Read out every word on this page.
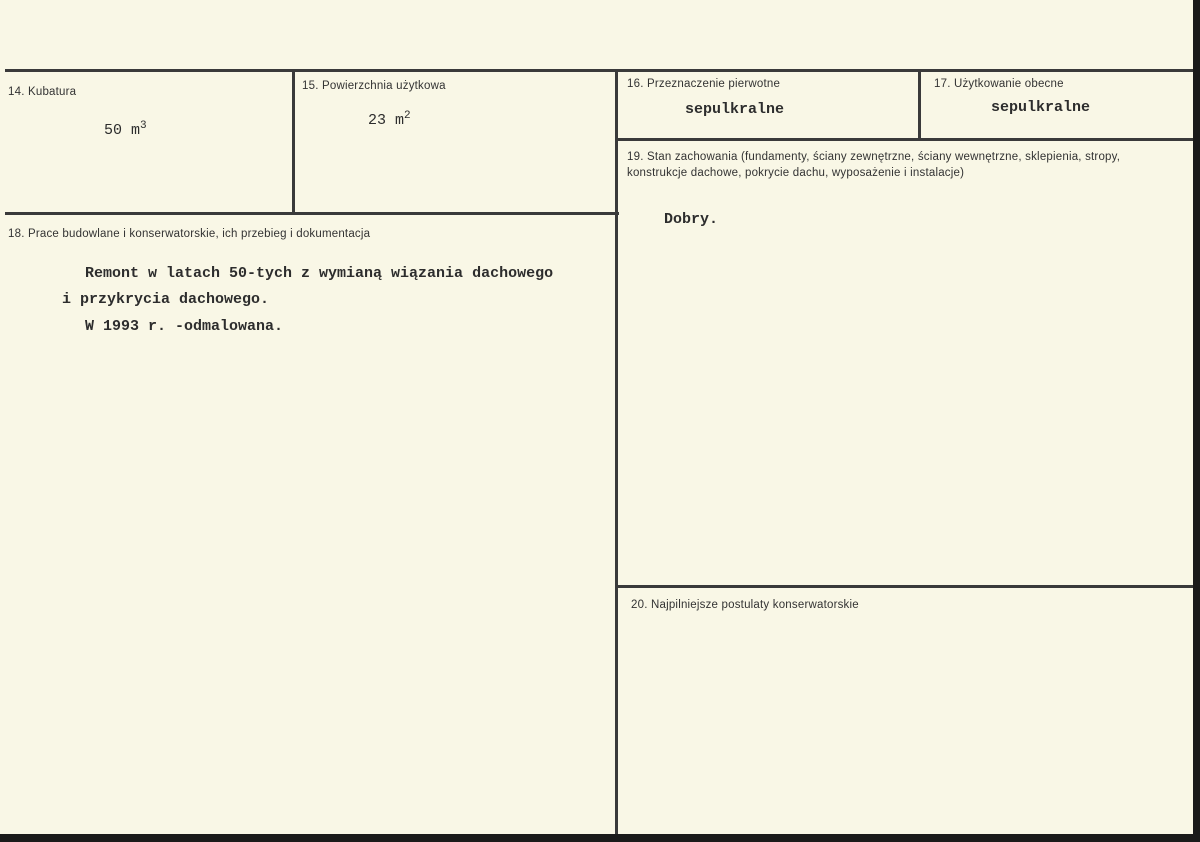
14. Kubatura
50 $m^3$
15. Powierzchnia użytkowa
23 $m^2$
16. Przeznaczenie pierwotne
sepulkralne
17. Użytkowanie obecne
sepulkralne
18. Prace budowlane i konserwatorskie, ich przebieg i dokumentacja
Remont w latach 50-tych z wymianą wiązania dachowego
i przykrycia dachowego.
W 1993 r. -odmalowana.
19. Stan zachowania (fundamenty, ściany zewnętrzne, ściany wewnętrzne, sklepienia, stropy, konstrukcje dachowe, pokrycie dachu, wyposażenie i instalacje)
Dobry.
20. Najpilniejsze postulaty konserwatorskie
